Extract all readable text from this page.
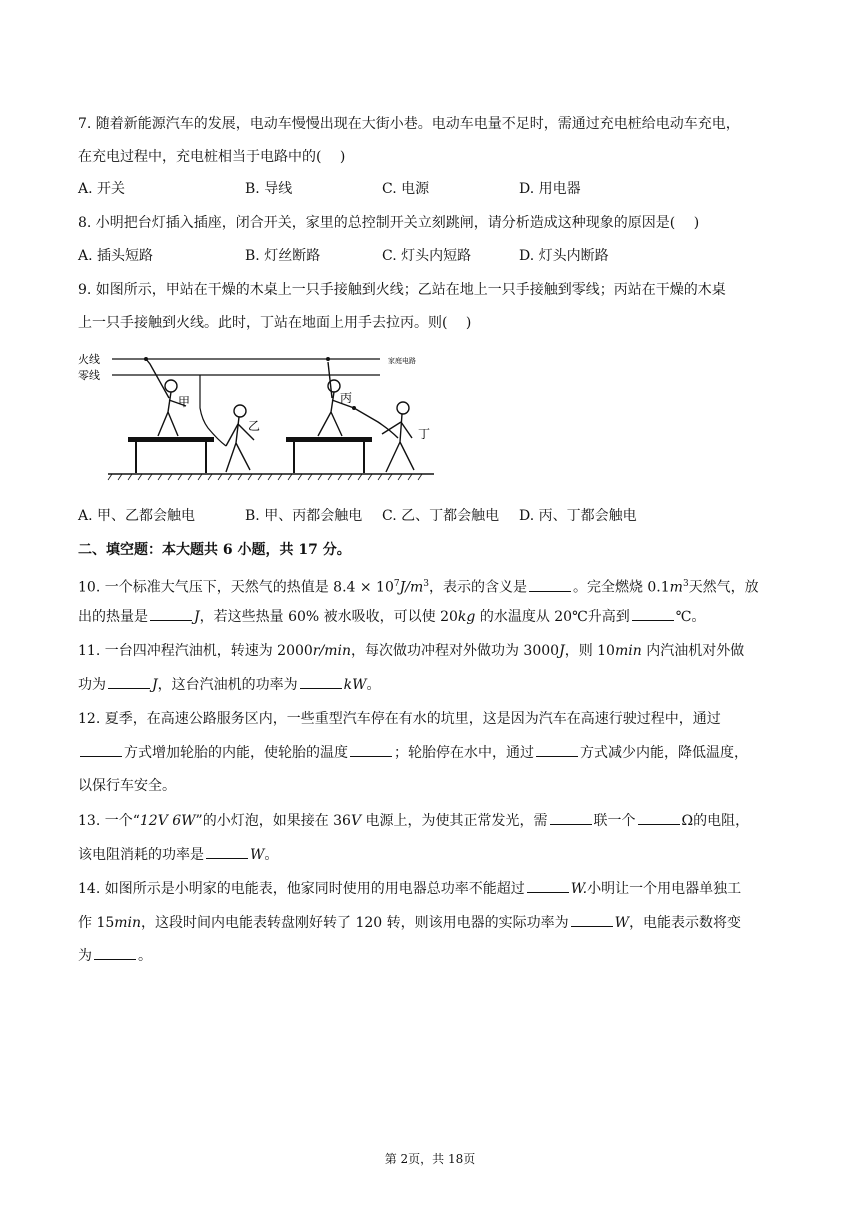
7. 随着新能源汽车的发展，电动车慢慢出现在大街小巷。电动车电量不足时，需通过充电桩给电动车充电，
在充电过程中，充电桩相当于电路中的(　 )
A. 开关	B. 导线	C. 电源	D. 用电器
8. 小明把台灯插入插座，闭合开关，家里的总控制开关立刻跳闸，请分析造成这种现象的原因是(　 )
A. 插头短路	B. 灯丝断路	C. 灯头内短路	D. 灯头内断路
9. 如图所示，甲站在干燥的木桌上一只手接触到火线；乙站在地上一只手接触到零线；丙站在干燥的木桌
上一只手接触到火线。此时，丁站在地面上用手去拉丙。则(　 )
火线
零线
家庭电路
甲
乙
丙
丁
A. 甲、乙都会触电	B. 甲、丙都会触电 C. 乙、丁都会触电 D. 丙、丁都会触电
二、填空题：本大题共 6 小题，共 17 分。
10. 一个标准大气压下，天然气的热值是 $8.4 \times 10^7J/m^3$，表示的含义是	。完全燃烧 $0.1m^3$天然气，放
出的热量是	J，若这些热量 60% 被水吸收，可以使 20kg 的水温度从 20℃升高到	℃。
11. 一台四冲程汽油机，转速为 2000r/min，每次做功冲程对外做功为 3000J，则 10min 内汽油机对外做
功为	J，这台汽油机的功率为	kW。
12. 夏季，在高速公路服务区内，一些重型汽车停在有水的坑里，这是因为汽车在高速行驶过程中，通过
方式增加轮胎的内能，使轮胎的温度	；轮胎停在水中，通过	方式减少内能，降低温度，
以保行车安全。
13. 一个“12V 6W”的小灯泡，如果接在 36V 电源上，为使其正常发光，需	联一个	Ω的电阻，
该电阻消耗的功率是	W。
14. 如图所示是小明家的电能表，他家同时使用的用电器总功率不能超过	W.小明让一个用电器单独工
作 15min，这段时间内电能表转盘刚好转了 120 转，则该用电器的实际功率为	W，电能表示数将变
为	。
第 2页，共 18页
